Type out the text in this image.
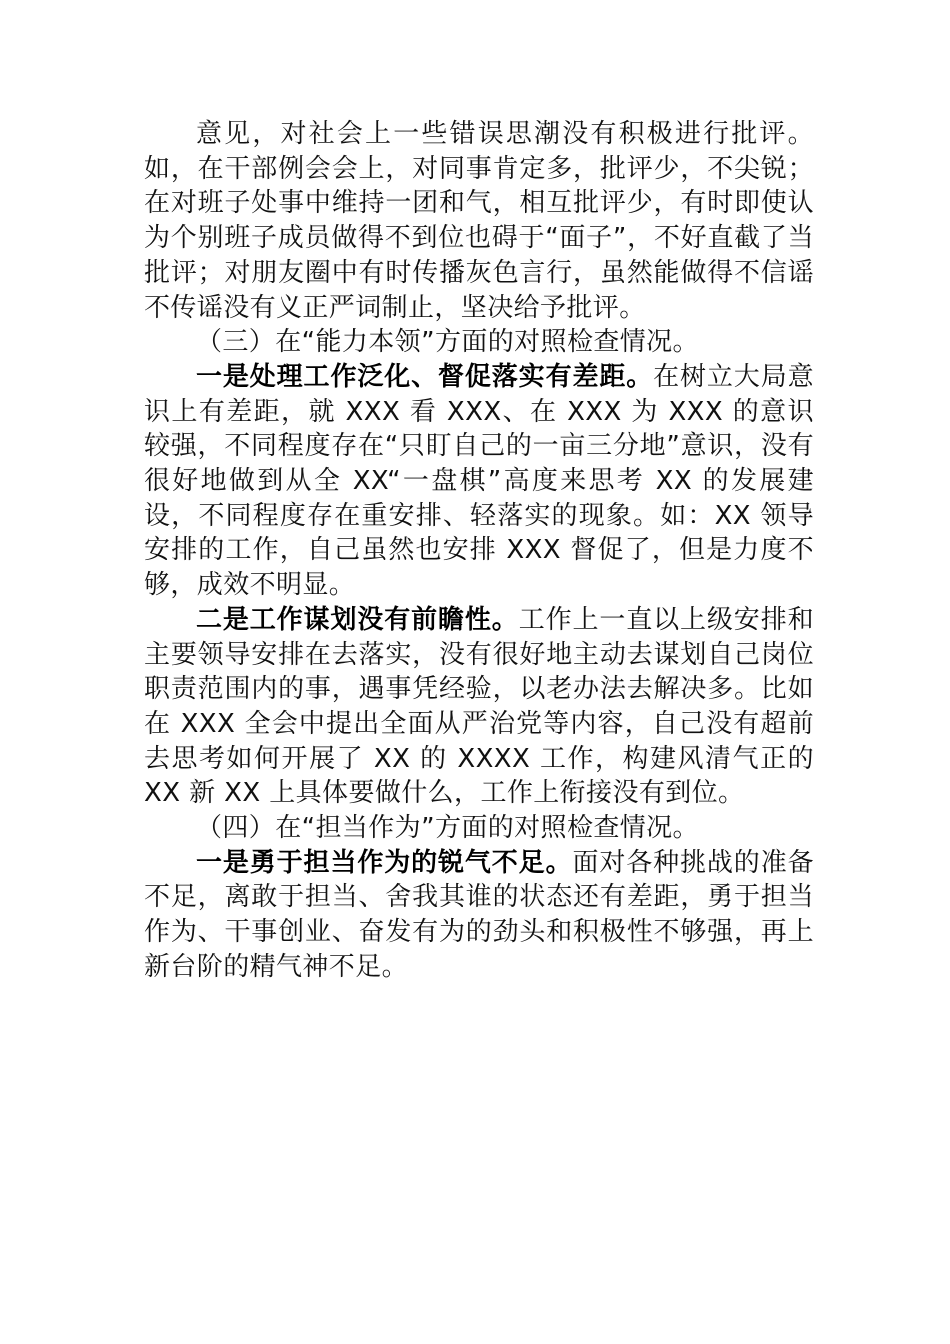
意见，对社会上一些错误思潮没有积极进行批评。如，在干部例会会上，对同事肯定多，批评少，不尖锐；在对班子处事中维持一团和气，相互批评少，有时即使认为个别班子成员做得不到位也碍于“面子”，不好直截了当批评；对朋友圈中有时传播灰色言行，虽然能做得不信谣不传谣没有义正严词制止，坚决给予批评。

（三）在“能力本领”方面的对照检查情况。

一是处理工作泛化、督促落实有差距。在树立大局意识上有差距，就 XXX 看 XXX、在 XXX 为 XXX 的意识较强，不同程度存在“只盯自己的一亩三分地”意识，没有很好地做到从全 XX“一盘棋”高度来思考 XX 的发展建设，不同程度存在重安排、轻落实的现象。如：XX 领导安排的工作，自己虽然也安排 XXX 督促了，但是力度不够，成效不明显。

二是工作谋划没有前瞻性。工作上一直以上级安排和主要领导安排在去落实，没有很好地主动去谋划自己岗位职责范围内的事，遇事凭经验，以老办法去解决多。比如在 XXX 全会中提出全面从严治党等内容，自己没有超前去思考如何开展了 XX 的 XXXX 工作，构建风清气正的 XX 新 XX 上具体要做什么，工作上衔接没有到位。

（四）在“担当作为”方面的对照检查情况。

一是勇于担当作为的锐气不足。面对各种挑战的准备不足，离敢于担当、舍我其谁的状态还有差距，勇于担当作为、干事创业、奋发有为的劲头和积极性不够强，再上新台阶的精气神不足。
